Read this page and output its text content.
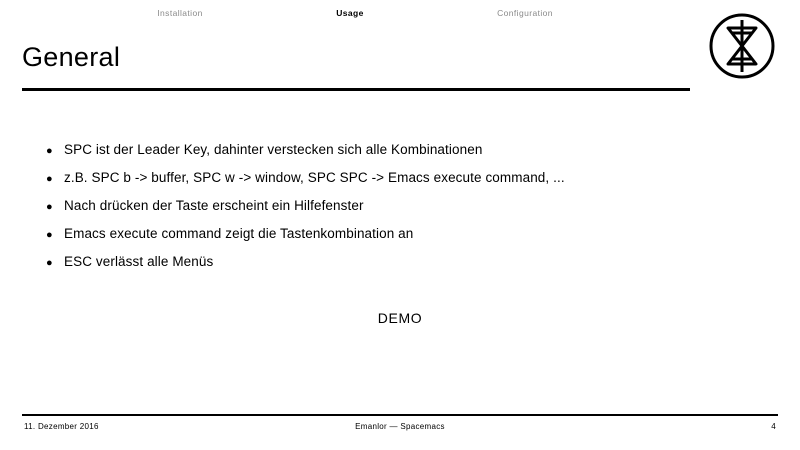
Installation	Usage	Configuration
General
● SPC ist der Leader Key, dahinter verstecken sich alle Kombinationen
● z.B. SPC b -> buffer, SPC w -> window, SPC SPC -> Emacs execute command, ...
● Nach drücken der Taste erscheint ein Hilfefenster
● Emacs execute command zeigt die Tastenkombination an
● ESC verlässt alle Menüs
DEMO
11. Dezember 2016	Emanlor — Spacemacs	4
